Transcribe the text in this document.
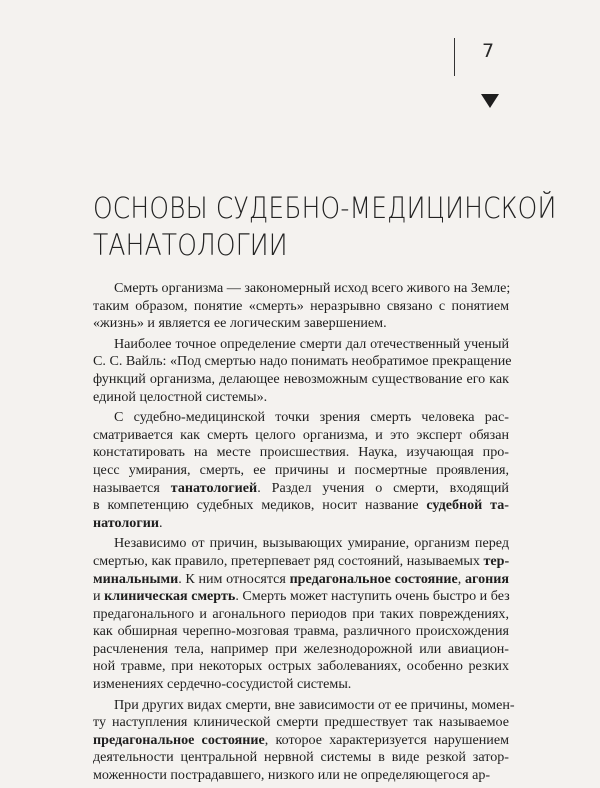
7
ОСНОВЫ СУДЕБНО-МЕДИЦИНСКОЙ
ТАНАТОЛОГИИ

Смерть организма — закономерный исход всего живого на Земле;
таким образом, понятие «смерть» неразрывно связано с понятием
«жизнь» и является ее логическим завершением.

Наиболее точное определение смерти дал отечественный ученый
С. С. Вайль: «Под смертью надо понимать необратимое прекращение
функций организма, делающее невозможным существование его как
единой целостной системы».

С судебно-медицинской точки зрения смерть человека рас-
сматривается как смерть целого организма, и это эксперт обязан
констатировать на месте происшествия. Наука, изучающая про-
цесс умирания, смерть, ее причины и посмертные проявления,
называется танатологией. Раздел учения о смерти, входящий
в компетенцию судебных медиков, носит название судебной та-
натологии.

Независимо от причин, вызывающих умирание, организм перед
смертью, как правило, претерпевает ряд состояний, называемых тер-
минальными. К ним относятся предагональное состояние, агония
и клиническая смерть. Смерть может наступить очень быстро и без
предагонального и агонального периодов при таких повреждениях,
как обширная черепно-мозговая травма, различного происхождения
расчленения тела, например при железнодорожной или авиацион-
ной травме, при некоторых острых заболеваниях, особенно резких
изменениях сердечно-сосудистой системы.

При других видах смерти, вне зависимости от ее причины, момен-
ту наступления клинической смерти предшествует так называемое
предагональное состояние, которое характеризуется нарушением
деятельности центральной нервной системы в виде резкой затор-
моженности пострадавшего, низкого или не определяющегося ар-
